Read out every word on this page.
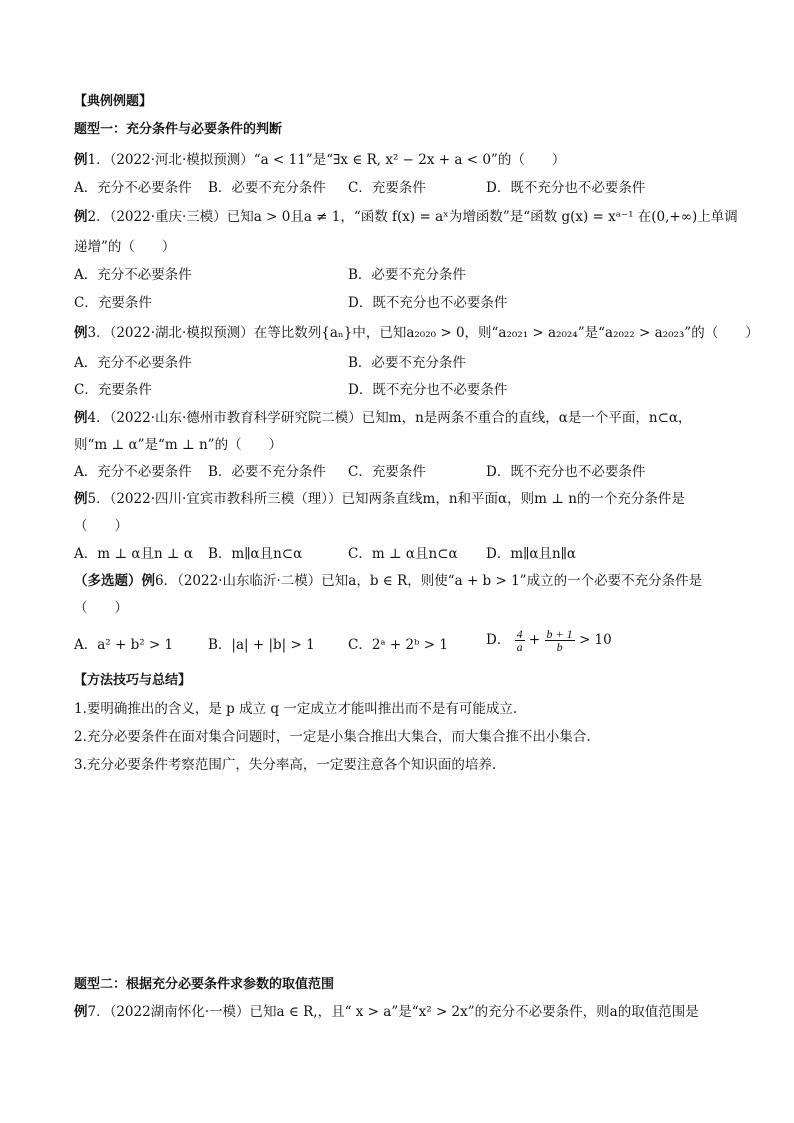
【典例例题】
题型一：充分条件与必要条件的判断
例1．（2022·河北·模拟预测）“a < 11”是“∃x ∈ R, x² − 2x + a < 0”的（　　）
A．充分不必要条件 B．必要不充分条件 C．充要条件	D．既不充分也不必要条件
例2．（2022·重庆·三模）已知a > 0且a ≠ 1，“函数 f(x) = aˣ为增函数”是“函数 g(x) = xᵃ⁻¹ 在(0,+∞)上单调
递增”的（　　）
A．充分不必要条件	B．必要不充分条件
C．充要条件	D．既不充分也不必要条件
例3．（2022·湖北·模拟预测）在等比数列{aₙ}中，已知a₂₀₂₀ > 0，则“a₂₀₂₁ > a₂₀₂₄”是“a₂₀₂₂ > a₂₀₂₃”的（　　）
A．充分不必要条件	B．必要不充分条件
C．充要条件	D．既不充分也不必要条件
例4．（2022·山东·德州市教育科学研究院二模）已知m，n是两条不重合的直线，α是一个平面，n⊂α，
则“m ⊥ α”是“m ⊥ n”的（　　）
A．充分不必要条件 B．必要不充分条件 C．充要条件	D．既不充分也不必要条件
例5．（2022·四川·宜宾市教科所三模（理））已知两条直线m，n和平面α，则m ⊥ n的一个充分条件是
（　　）
A．m ⊥ α且n ⊥ α B．m∥α且n⊂α	C．m ⊥ α且n⊂α D．m∥α且n∥α
（多选题）例6．（2022·山东临沂·二模）已知a，b ∈ R，则使“a + b > 1”成立的一个必要不充分条件是
（　　）
A．a² + b² > 1	B．|a| + |b| > 1 C．2ᵃ + 2ᵇ > 1	D． $\frac{4}{a} + \frac{b + 1}{b} > 10$
【方法技巧与总结】
1.要明确推出的含义，是 p 成立 q 一定成立才能叫推出而不是有可能成立.
2.充分必要条件在面对集合问题时，一定是小集合推出大集合，而大集合推不出小集合.
3.充分必要条件考察范围广，失分率高，一定要注意各个知识面的培养.
题型二：根据充分必要条件求参数的取值范围
例7．（2022湖南怀化·一模）已知a ∈ R,，且“ x > a”是“x² > 2x”的充分不必要条件，则a的取值范围是
